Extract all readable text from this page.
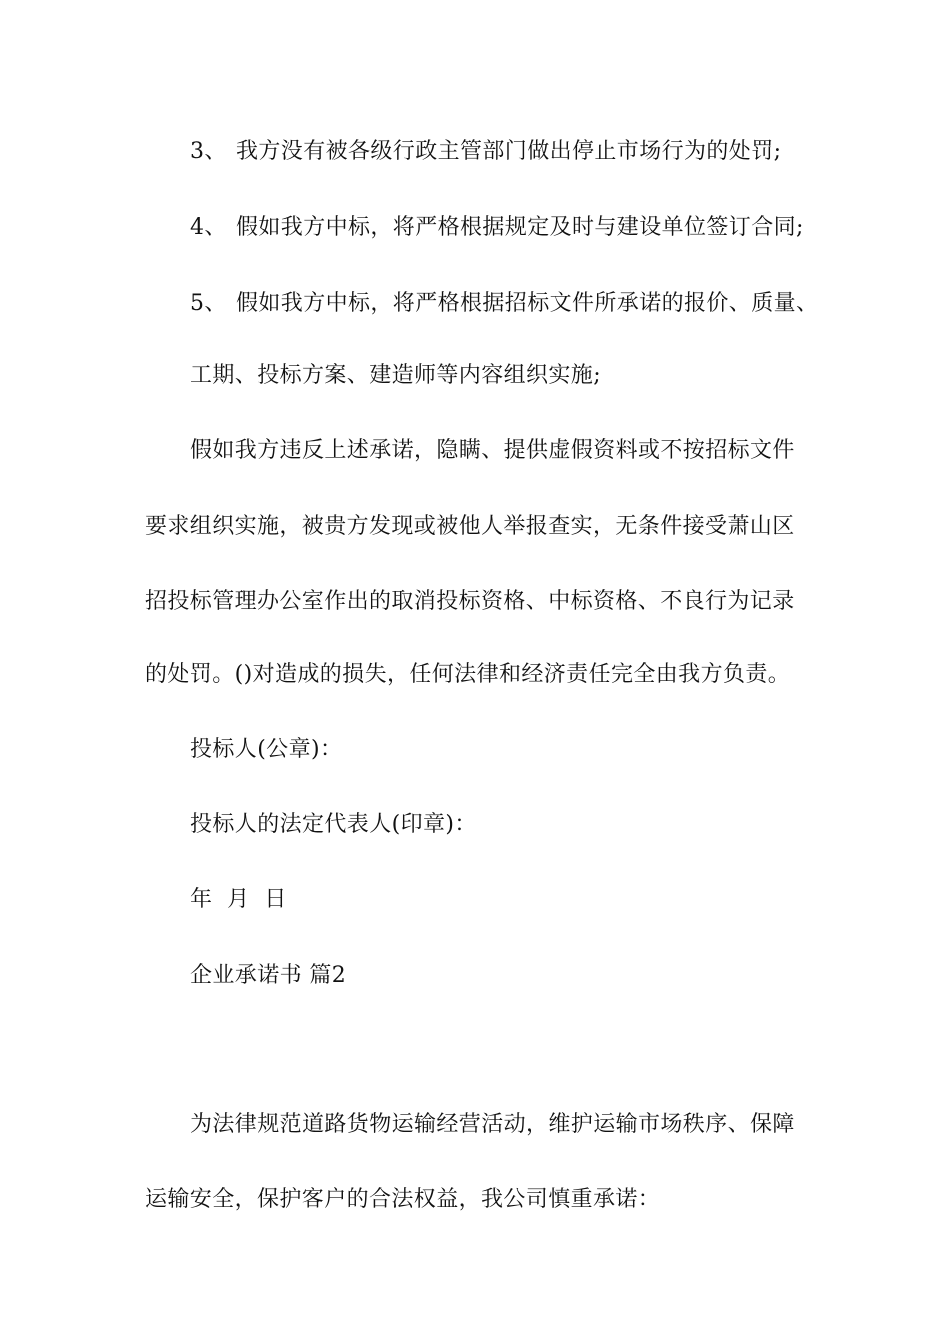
3、 我方没有被各级行政主管部门做出停止市场行为的处罚;
4、 假如我方中标，将严格根据规定及时与建设单位签订合同;
5、 假如我方中标，将严格根据招标文件所承诺的报价、质量、
工期、投标方案、建造师等内容组织实施;
假如我方违反上述承诺，隐瞒、提供虚假资料或不按招标文件
要求组织实施，被贵方发现或被他人举报查实，无条件接受萧山区
招投标管理办公室作出的取消投标资格、中标资格、不良行为记录
的处罚。()对造成的损失，任何法律和经济责任完全由我方负责。
投标人(公章)：
投标人的法定代表人(印章)：
年  月  日
企业承诺书 篇2
为法律规范道路货物运输经营活动，维护运输市场秩序、保障
运输安全，保护客户的合法权益，我公司慎重承诺：
